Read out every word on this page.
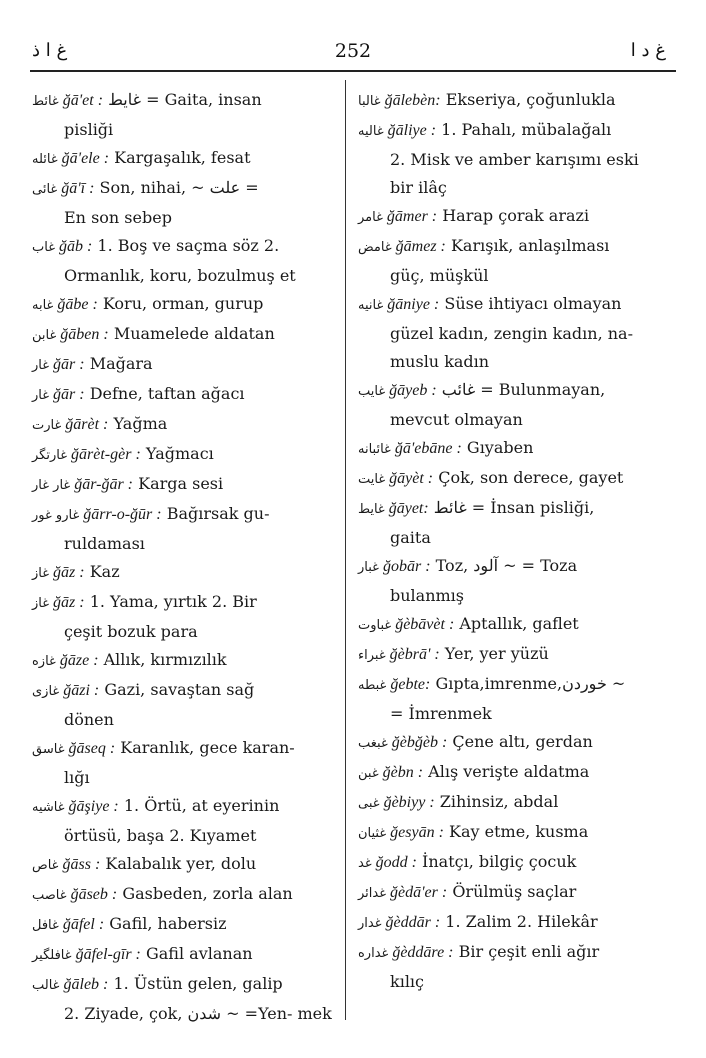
غ ا ذ	252	غ د ا
غائط ğā'et : غايط = Gaita, insan
pisliği
غائله ğā'ele : Kargaşalık, fesat
غائى ğā'ī : Son, nihai, ~ علت =
En son sebep
غاب ğāb : 1. Boş ve saçma söz 2.
Ormanlık, koru, bozulmuş et
غابه ğābe : Koru, orman, gurup
غابن ğāben : Muamelede aldatan
غار ğār : Mağara
غار ğār : Defne, taftan ağacı
غارت ğārèt : Yağma
غارتگر ğārèt-gèr : Yağmacı
غار غار ğār-ğār : Karga sesi
غارو غور ğārr-o-ğūr : Bağırsak gu-
ruldaması
غاز ğāz : Kaz
غاز ğāz : 1. Yama, yırtık 2. Bir
çeşit bozuk para
غازه ğāze : Allık, kırmızılık
غازى ğāzi : Gazi, savaştan sağ
dönen
غاسق ğāseq : Karanlık, gece karan-
lığı
غاشيه ğāşiye : 1. Örtü, at eyerinin
örtüsü, başa 2. Kıyamet
غاص ğāss : Kalabalık yer, dolu
غاصب ğāseb : Gasbeden, zorla alan
غافل ğāfel : Gafil, habersiz
غافلگیر ğāfel-gīr : Gafil avlanan
غالب ğāleb : 1. Üstün gelen, galip
2. Ziyade, çok, شدن ~ =Yen- mek
غالبا ğālebèn: Ekseriya, çoğunlukla
غاليه ğāliye : 1. Pahalı, mübalağalı
2. Misk ve amber karışımı eski bir ilâç
غامر ğāmer : Harap çorak arazi
غامض ğāmez : Karışık, anlaşılması
güç, müşkül
غانيه ğāniye : Süse ihtiyacı olmayan
güzel kadın, zengin kadın, na- muslu kadın
غايب ğāyeb : غائب = Bulunmayan,
mevcut olmayan
غائبانه ğā'ebāne : Gıyaben
غايت ğāyèt : Çok, son derece, gayet
غايط ğāyet: غائط = İnsan pisliği,
gaita
غبار ğobār : Toz, آلود ~ = Toza
bulanmış
غباوت ğèbāvèt : Aptallık, gaflet
غبراء ğèbrā' : Yer, yer yüzü
غبطه ğebte: Gıpta,imrenme,خوردن ~
= İmrenmek
غبغب ğèbğèb : Çene altı, gerdan
غبن ğèbn : Alış verişte aldatma
غبى ğèbiyy : Zihinsiz, abdal
غثيان ğesyān : Kay etme, kusma
غد ğodd : İnatçı, bilgiç çocuk
غدائر ğèdā'er : Örülmüş saçlar
غدار ğèddār : 1. Zalim 2. Hilekâr
غداره ğèddāre : Bir çeşit enli ağır
kılıç
